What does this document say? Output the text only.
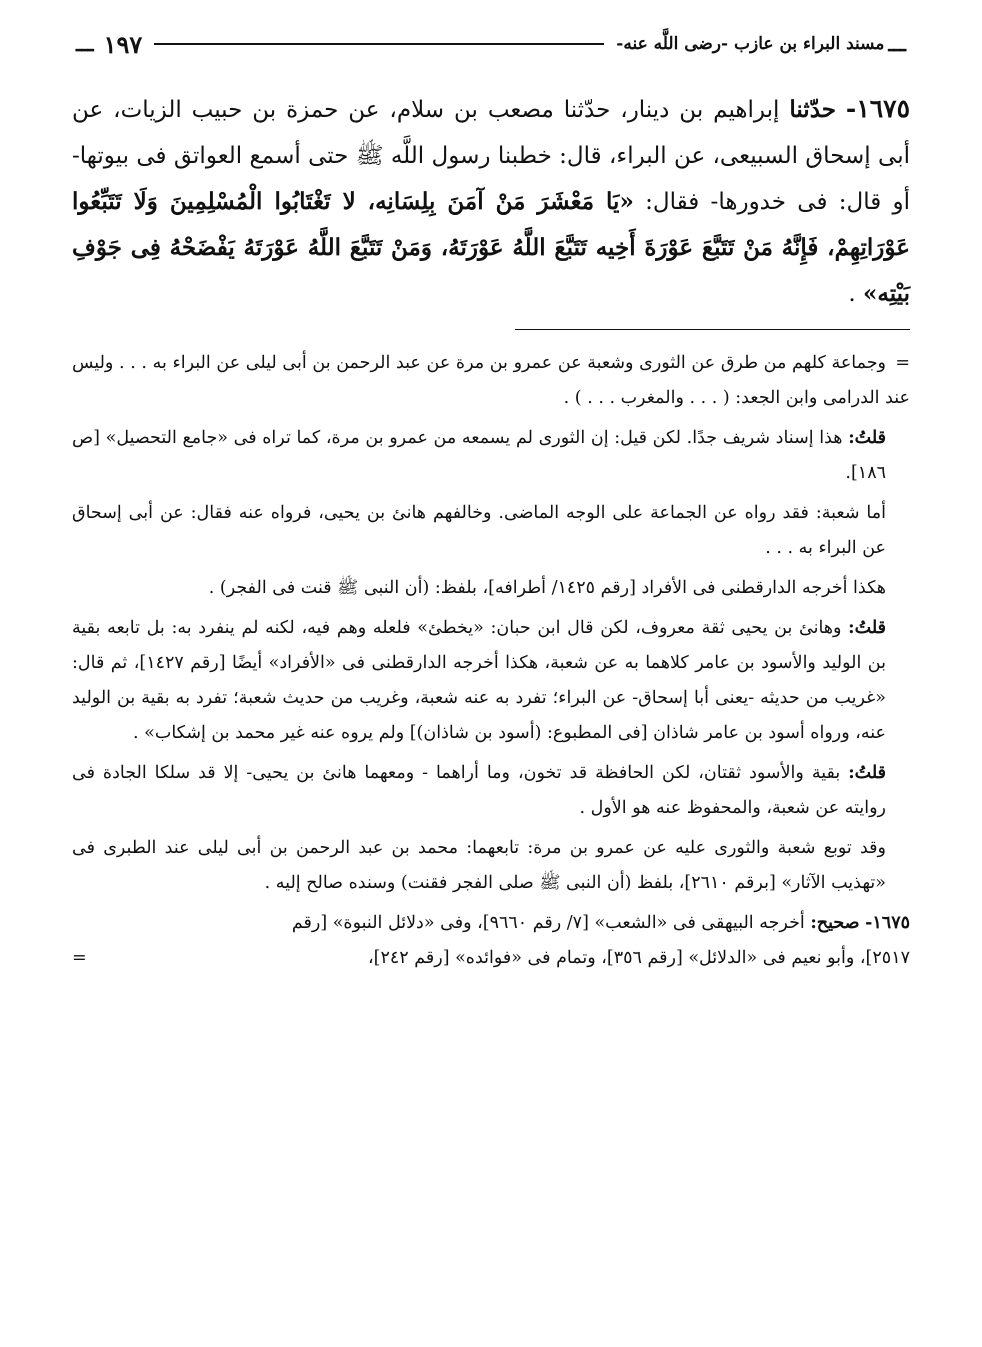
ـــ
مسند البراء بن عازب -رضى اللَّه عنه-
١٩٧
ـــ
١٦٧٥- حدّثنا إبراهيم بن دينار، حدّثنا مصعب بن سلام، عن حمزة بن حبيب الزيات، عن أبى إسحاق السبيعى، عن البراء، قال: خطبنا رسول اللَّه ﷺ حتى أسمع العواتق فى بيوتها- أو قال: فى خدورها- فقال: «يَا مَعْشَرَ مَنْ آمَنَ بِلِسَانِه، لا تَغْتَابُوا الْمُسْلِمِينَ وَلَا تَتَبِّعُوا عَوْرَاتِهِمْ، فَإِنَّهُ مَنْ تَتَبَّعَ عَوْرَةَ أَخِيه تَتَبَّعَ اللَّهُ عَوْرَتَهُ، وَمَنْ تَتَبَّعَ اللَّهُ عَوْرَتَهُ يَفْضَحْهُ فِى جَوْفِ بَيْتِه» .

=وجماعة كلهم من طرق عن الثورى وشعبة عن عمرو بن مرة عن عبد الرحمن بن أبى ليلى عن البراء به . . . وليس عند الدرامى وابن الجعد: ( . . . والمغرب . . . ) .

قلتُ: هذا إسناد شريف جدًا. لكن قيل: إن الثورى لم يسمعه من عمرو بن مرة، كما تراه فى «جامع التحصيل» [ص ١٨٦].

أما شعبة: فقد رواه عن الجماعة على الوجه الماضى. وخالفهم هانئ بن يحيى، فرواه عنه فقال: عن أبى إسحاق عن البراء به . . .

هكذا أخرجه الدارقطنى فى الأفراد [رقم ١٤٢٥/ أطرافه]، بلفظ: (أن النبى ﷺ قنت فى الفجر) .

قلتُ: وهانئ بن يحيى ثقة معروف، لكن قال ابن حبان: «يخطئ» فلعله وهم فيه، لكنه لم ينفرد به: بل تابعه بقية بن الوليد والأسود بن عامر كلاهما به عن شعبة، هكذا أخرجه الدارقطنى فى «الأفراد» أيضًا [رقم ١٤٢٧]، ثم قال: «غريب من حديثه -يعنى أبا إسحاق- عن البراء؛ تفرد به عنه شعبة، وغريب من حديث شعبة؛ تفرد به بقية بن الوليد عنه، ورواه أسود بن عامر شاذان [فى المطبوع: (أسود بن شاذان)] ولم يروه عنه غير محمد بن إشكاب» .

قلتُ: بقية والأسود ثقتان، لكن الحافظة قد تخون، وما أراهما - ومعهما هانئ بن يحيى- إلا قد سلكا الجادة فى روايته عن شعبة، والمحفوظ عنه هو الأول .

وقد توبع شعبة والثورى عليه عن عمرو بن مرة: تابعهما: محمد بن عبد الرحمن بن أبى ليلى عند الطبرى فى «تهذيب الآثار» [برقم ٢٦١٠]، بلفظ (أن النبى ﷺ صلى الفجر فقنت) وسنده صالح إليه .

١٦٧٥- صحيح: أخرجه البيهقى فى «الشعب» [٧/ رقم ٩٦٦٠]، وفى «دلائل النبوة» [رقم

٢٥١٧]، وأبو نعيم فى «الدلائل» [رقم ٣٥٦]، وتمام فى «فوائده» [رقم ٢٤٢]،
=
